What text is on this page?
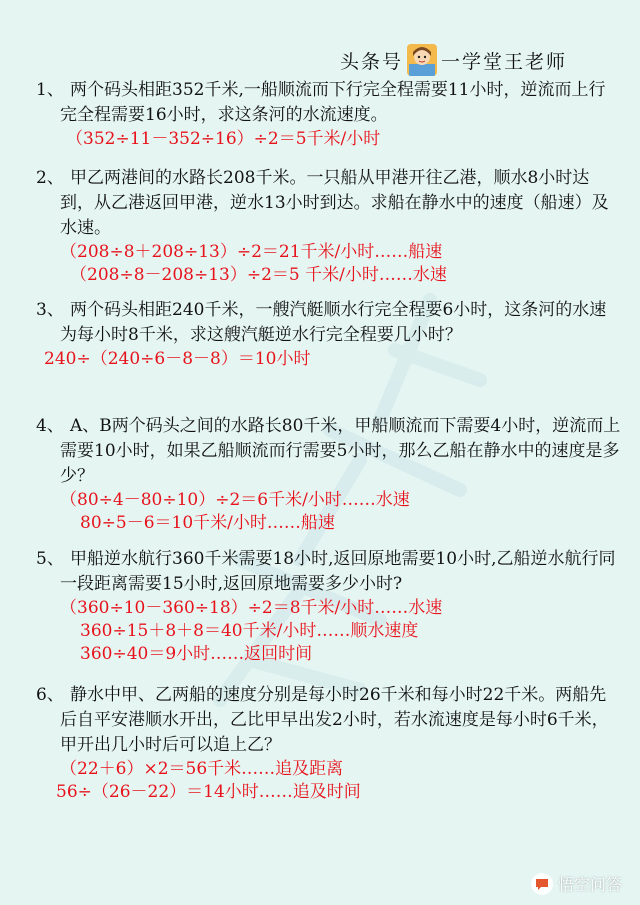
头条号 一学堂王老师

1、 两个码头相距352千米,一船顺流而下行完全程需要11小时，逆流而上行完全程需要16小时，求这条河的水流速度。

（352÷11－352÷16）÷2＝5千米/小时

2、 甲乙两港间的水路长208千米。一只船从甲港开往乙港，顺水8小时达到，从乙港返回甲港，逆水13小时到达。求船在静水中的速度（船速）及水速。

（208÷8＋208÷13）÷2＝21千米/小时……船速

（208÷8－208÷13）÷2＝5 千米/小时……水速

3、 两个码头相距240千米，一艘汽艇顺水行完全程要6小时，这条河的水速为每小时8千米，求这艘汽艇逆水行完全程要几小时？

240÷（240÷6－8－8）＝10小时

4、 A、B两个码头之间的水路长80千米，甲船顺流而下需要4小时，逆流而上需要10小时，如果乙船顺流而行需要5小时，那么乙船在静水中的速度是多少？

（80÷4－80÷10）÷2＝6千米/小时……水速

80÷5－6＝10千米/小时……船速

5、 甲船逆水航行360千米需要18小时,返回原地需要10小时,乙船逆水航行同一段距离需要15小时,返回原地需要多少小时?

（360÷10－360÷18）÷2＝8千米/小时……水速

360÷15＋8＋8＝40千米/小时……顺水速度

360÷40＝9小时……返回时间

6、 静水中甲、乙两船的速度分别是每小时26千米和每小时22千米。两船先后自平安港顺水开出，乙比甲早出发2小时，若水流速度是每小时6千米，甲开出几小时后可以追上乙？

（22＋6）×2＝56千米……追及距离

56÷（26－22）＝14小时……追及时间

悟空问答
